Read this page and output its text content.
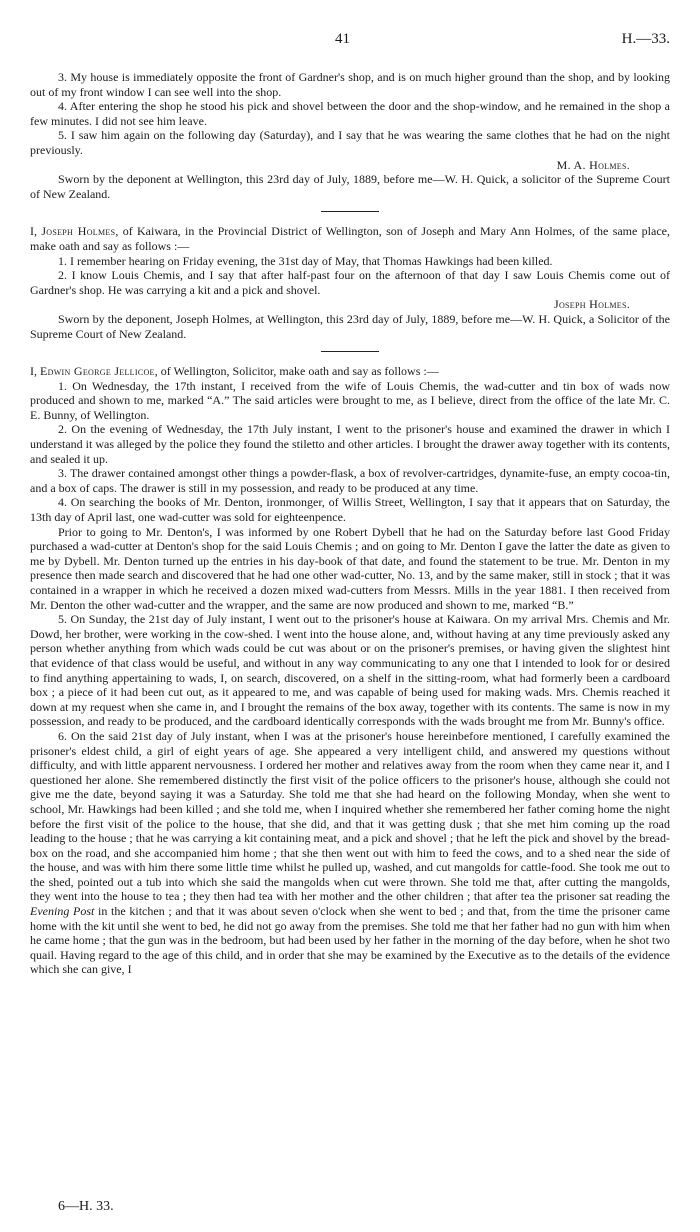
41	H.—33.

3. My house is immediately opposite the front of Gardner's shop, and is on much higher ground than the shop, and by looking out of my front window I can see well into the shop.

4. After entering the shop he stood his pick and shovel between the door and the shop-window, and he remained in the shop a few minutes. I did not see him leave.

5. I saw him again on the following day (Saturday), and I say that he was wearing the same clothes that he had on the night previously.

M. A. Holmes.

Sworn by the deponent at Wellington, this 23rd day of July, 1889, before me—W. H. Quick, a solicitor of the Supreme Court of New Zealand.

I, Joseph Holmes, of Kaiwara, in the Provincial District of Wellington, son of Joseph and Mary Ann Holmes, of the same place, make oath and say as follows :—

1. I remember hearing on Friday evening, the 31st day of May, that Thomas Hawkings had been killed.

2. I know Louis Chemis, and I say that after half-past four on the afternoon of that day I saw Louis Chemis come out of Gardner's shop. He was carrying a kit and a pick and shovel.

Joseph Holmes.

Sworn by the deponent, Joseph Holmes, at Wellington, this 23rd day of July, 1889, before me—W. H. Quick, a Solicitor of the Supreme Court of New Zealand.

I, Edwin George Jellicoe, of Wellington, Solicitor, make oath and say as follows :—

1. On Wednesday, the 17th instant, I received from the wife of Louis Chemis, the wad-cutter and tin box of wads now produced and shown to me, marked “A.” The said articles were brought to me, as I believe, direct from the office of the late Mr. C. E. Bunny, of Wellington.

2. On the evening of Wednesday, the 17th July instant, I went to the prisoner's house and examined the drawer in which I understand it was alleged by the police they found the stiletto and other articles. I brought the drawer away together with its contents, and sealed it up.

3. The drawer contained amongst other things a powder-flask, a box of revolver-cartridges, dynamite-fuse, an empty cocoa-tin, and a box of caps. The drawer is still in my possession, and ready to be produced at any time.

4. On searching the books of Mr. Denton, ironmonger, of Willis Street, Wellington, I say that it appears that on Saturday, the 13th day of April last, one wad-cutter was sold for eighteenpence.

Prior to going to Mr. Denton's, I was informed by one Robert Dybell that he had on the Saturday before last Good Friday purchased a wad-cutter at Denton's shop for the said Louis Chemis ; and on going to Mr. Denton I gave the latter the date as given to me by Dybell. Mr. Denton turned up the entries in his day-book of that date, and found the statement to be true. Mr. Denton in my presence then made search and discovered that he had one other wad-cutter, No. 13, and by the same maker, still in stock ; that it was contained in a wrapper in which he received a dozen mixed wad-cutters from Messrs. Mills in the year 1881. I then received from Mr. Denton the other wad-cutter and the wrapper, and the same are now produced and shown to me, marked “B.”

5. On Sunday, the 21st day of July instant, I went out to the prisoner's house at Kaiwara. On my arrival Mrs. Chemis and Mr. Dowd, her brother, were working in the cow-shed. I went into the house alone, and, without having at any time previously asked any person whether anything from which wads could be cut was about or on the prisoner's premises, or having given the slightest hint that evidence of that class would be useful, and without in any way communicating to any one that I intended to look for or desired to find anything appertaining to wads, I, on search, discovered, on a shelf in the sitting-room, what had formerly been a cardboard box ; a piece of it had been cut out, as it appeared to me, and was capable of being used for making wads. Mrs. Chemis reached it down at my request when she came in, and I brought the remains of the box away, together with its contents. The same is now in my possession, and ready to be produced, and the cardboard identically corresponds with the wads brought me from Mr. Bunny's office.

6. On the said 21st day of July instant, when I was at the prisoner's house hereinbefore mentioned, I carefully examined the prisoner's eldest child, a girl of eight years of age. She appeared a very intelligent child, and answered my questions without difficulty, and with little apparent nervousness. I ordered her mother and relatives away from the room when they came near it, and I questioned her alone. She remembered distinctly the first visit of the police officers to the prisoner's house, although she could not give me the date, beyond saying it was a Saturday. She told me that she had heard on the following Monday, when she went to school, Mr. Hawkings had been killed ; and she told me, when I inquired whether she remembered her father coming home the night before the first visit of the police to the house, that she did, and that it was getting dusk ; that she met him coming up the road leading to the house ; that he was carrying a kit containing meat, and a pick and shovel ; that he left the pick and shovel by the bread-box on the road, and she accompanied him home ; that she then went out with him to feed the cows, and to a shed near the side of the house, and was with him there some little time whilst he pulled up, washed, and cut mangolds for cattle-food. She took me out to the shed, pointed out a tub into which she said the mangolds when cut were thrown. She told me that, after cutting the mangolds, they went into the house to tea ; they then had tea with her mother and the other children ; that after tea the prisoner sat reading the Evening Post in the kitchen ; and that it was about seven o'clock when she went to bed ; and that, from the time the prisoner came home with the kit until she went to bed, he did not go away from the premises. She told me that her father had no gun with him when he came home ; that the gun was in the bedroom, but had been used by her father in the morning of the day before, when he shot two quail. Having regard to the age of this child, and in order that she may be examined by the Executive as to the details of the evidence which she can give, I

6—H. 33.
